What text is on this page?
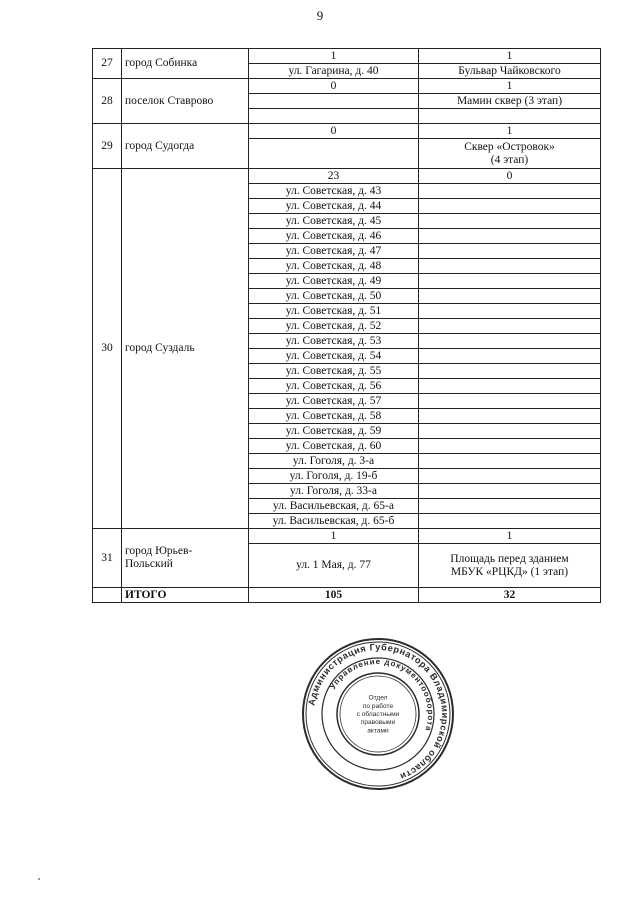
9
27	город Собинка	1	1
		ул. Гагарина, д. 40	Бульвар Чайковского
28	поселок Ставрово	0	1
			Мамин сквер (3 этап)

29	город Судогда	0	1
			Сквер «Островок»
(4 этап)
30	город Суздаль	23	0
		ул. Советская, д. 43	
		ул. Советская, д. 44	
		ул. Советская, д. 45	
		ул. Советская, д. 46	
		ул. Советская, д. 47	
		ул. Советская, д. 48	
		ул. Советская, д. 49	
		ул. Советская, д. 50	
		ул. Советская, д. 51	
		ул. Советская, д. 52	
		ул. Советская, д. 53	
		ул. Советская, д. 54	
		ул. Советская, д. 55	
		ул. Советская, д. 56	
		ул. Советская, д. 57	
		ул. Советская, д. 58	
		ул. Советская, д. 59	
		ул. Советская, д. 60	
		ул. Гоголя, д. 3-а	
		ул. Гоголя, д. 19-б	
		ул. Гоголя, д. 33-а	
		ул. Васильевская, д. 65-а	
		ул. Васильевская, д. 65-б	
31	город Юрьев-
Польский	1	1
		ул. 1 Мая, д. 77	Площадь перед зданием
МБУК «РЦКД» (1 этап)
	ИТОГО	105	32
Администрация Губернатора Владимирской области
Управление документооборота
Отдел
по работе
с областными
правовыми
актами
